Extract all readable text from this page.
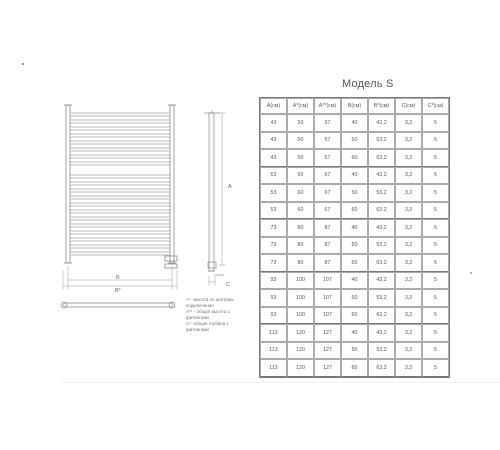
B
B*
A
C
A* -высота по центрам
подключения
A** - общая высота с
фитингами
C* -общая глубина с
фитингами
Модель S
A(см)	A*(см)	A**(см)	B(см)	B*(см)	C(см)	C*(см)
43	50	57	40	43,2	3,2	5
43	50	57	50	53,2	3,2	5
43	50	57	60	63,2	3,2	5
53	60	67	40	43,2	3,2	5
53	60	67	50	53,2	3,2	5
53	60	67	60	63,2	3,2	5
73	80	87	40	43,2	3,2	5
73	80	87	50	53,2	3,2	5
73	80	87	60	63,2	3,2	5
93	100	107	40	43,2	3,2	5
93	100	107	50	53,2	3,2	5
93	100	107	60	63,2	3,2	5
113	120	127	40	43,2	3,2	5
113	120	127	50	53,2	3,2	5
113	120	127	60	63,2	3,2	5
